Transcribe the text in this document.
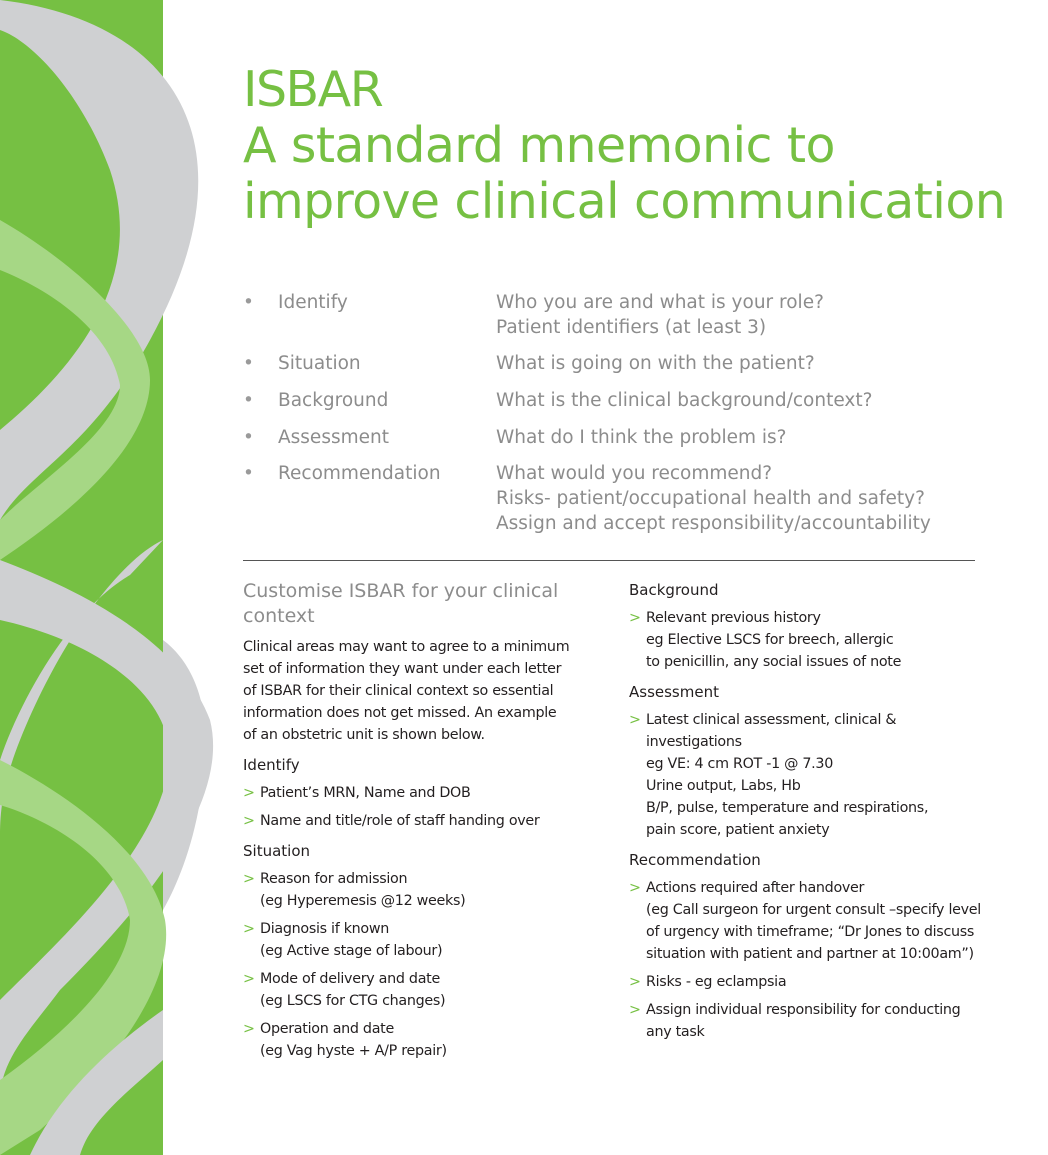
ISBAR
A standard mnemonic to
improve clinical communication
• Identify	Who you are and what is your role?
Patient identifiers (at least 3)
• Situation	What is going on with the patient?
• Background	What is the clinical background/context?
• Assessment	What do I think the problem is?
• Recommendation	What would you recommend?
Risks- patient/occupational health and safety?
Assign and accept responsibility/accountability
Customise ISBAR for your clinical
context
Clinical areas may want to agree to a minimum
set of information they want under each letter
of ISBAR for their clinical context so essential
information does not get missed. An example
of an obstetric unit is shown below.
Identify
> Patient’s MRN, Name and DOB
> Name and title/role of staff handing over
Situation
> Reason for admission
(eg Hyperemesis @12 weeks)
> Diagnosis if known
(eg Active stage of labour)
> Mode of delivery and date
(eg LSCS for CTG changes)
> Operation and date
(eg Vag hyste + A/P repair)
Background
> Relevant previous history
eg Elective LSCS for breech, allergic
to penicillin, any social issues of note
Assessment
> Latest clinical assessment, clinical &
investigations
eg VE: 4 cm ROT -1 @ 7.30
Urine output, Labs, Hb
B/P, pulse, temperature and respirations,
pain score, patient anxiety
Recommendation
> Actions required after handover
(eg Call surgeon for urgent consult –specify level
of urgency with timeframe; “Dr Jones to discuss
situation with patient and partner at 10:00am”)
> Risks - eg eclampsia
> Assign individual responsibility for conducting
any task
